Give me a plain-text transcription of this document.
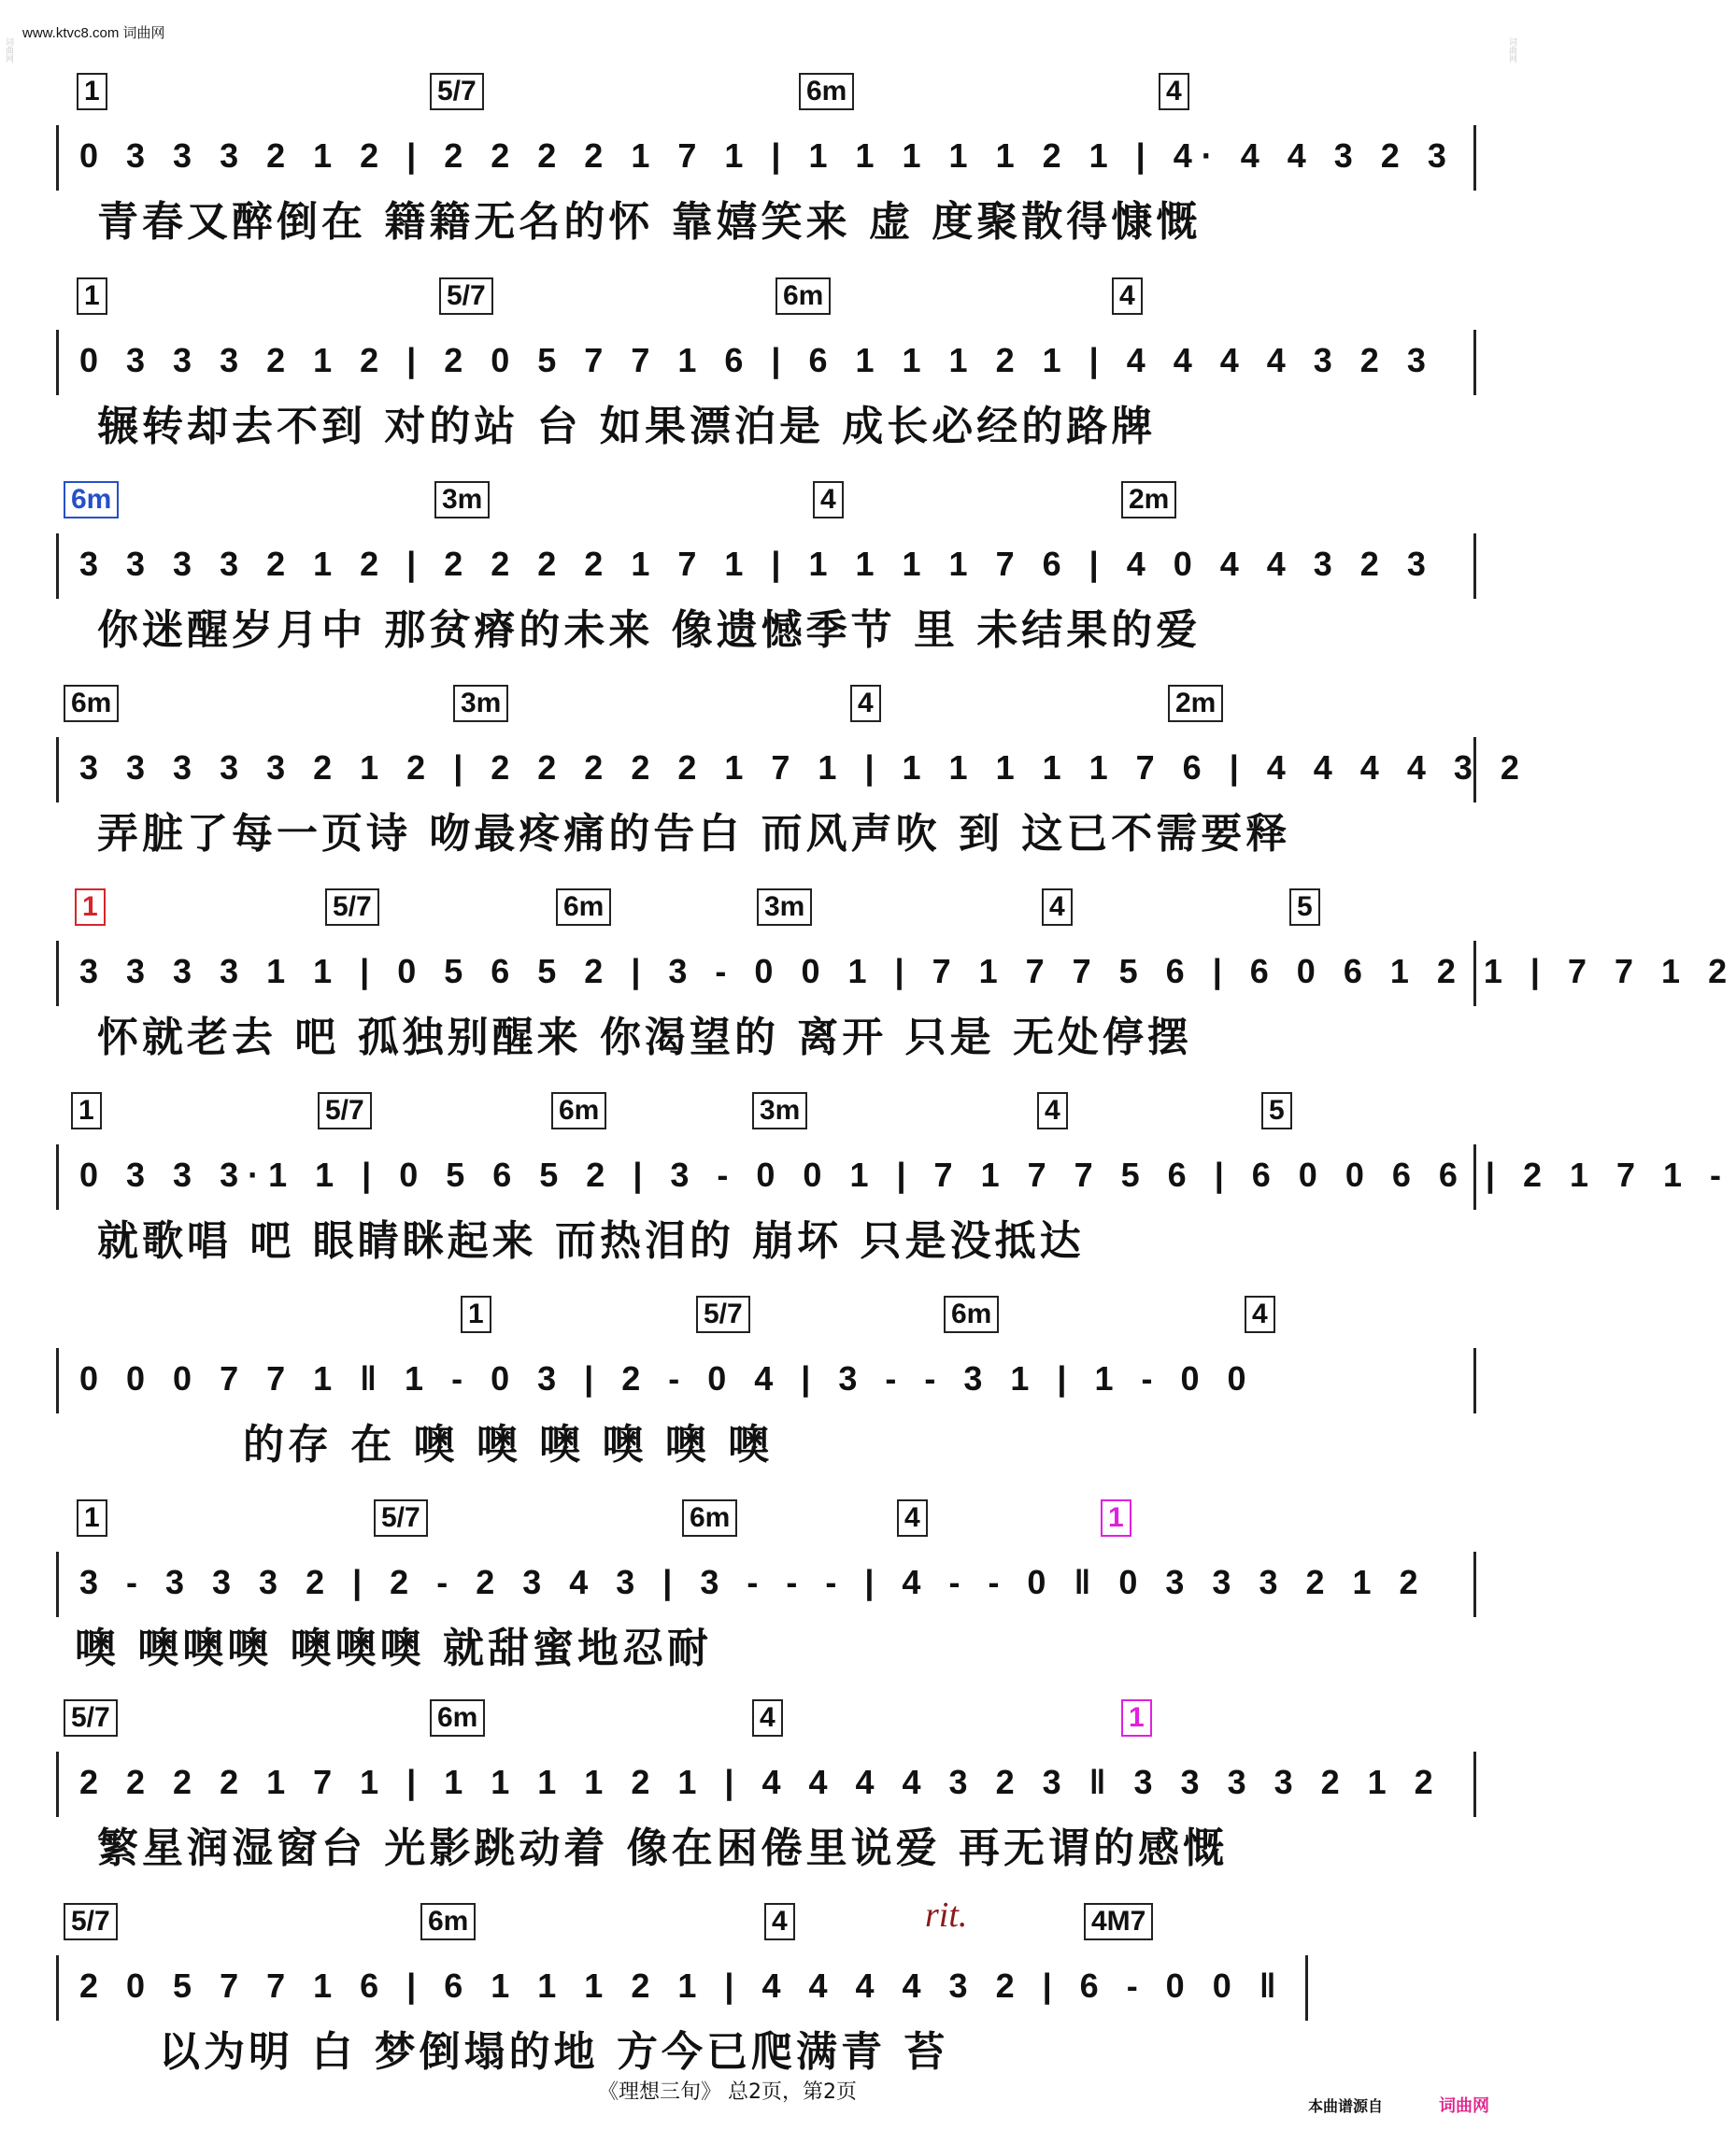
www.ktvc8.com 词曲网
词曲网	词曲网
1	5/7	6m	4
0 3 3 3 2 1 2 | 2 2 2 2 1 7 1 | 1 1 1 1 1 2 1 | 4· 4 4 3 2 3
青春又醉倒在 籍籍无名的怀 靠嬉笑来 虚 度聚散得慷慨
1	5/7	6m	4
0 3 3 3 2 1 2 | 2 0 5 7 7 1 6 | 6 1 1 1 2 1 | 4 4 4 4 3 2 3
辗转却去不到 对的站 台 如果漂泊是 成长必经的路牌
6m	3m	4	2m
3 3 3 3 2 1 2 | 2 2 2 2 1 7 1 | 1 1 1 1 7 6 | 4 0 4 4 3 2 3
你迷醒岁月中 那贫瘠的未来 像遗憾季节 里 未结果的爱
6m	3m	4	2m
3 3 3 3 3 2 1 2 | 2 2 2 2 2 1 7 1 | 1 1 1 1 1 7 6 | 4 4 4 4 3 2
弄脏了每一页诗 吻最疼痛的告白 而风声吹 到 这已不需要释
1	5/7	6m	3m	4	5
3 3 3 3 1 1 | 0 5 6 5 2 | 3 - 0 0 1 | 7 1 7 7 5 6 | 6 0 6 1 2 1 | 7 7 1 2
怀就老去 吧 孤独别醒来 你渴望的 离开 只是 无处停摆
1	5/7	6m	3m	4	5
0 3 3 3·1 1 | 0 5 6 5 2 | 3 - 0 0 1 | 7 1 7 7 5 6 | 6 0 0 6 6 | 2 1 7 1 -
就歌唱 吧 眼睛眯起来 而热泪的 崩坏 只是没抵达
1	5/7	6m	4
0 0 0 7 7 1 ‖ 1 - 0 3 | 2 - 0 4 | 3 - - 3 1 | 1 - 0 0
的存 在 噢 噢 噢 噢 噢 噢
1	5/7	6m	4	1
3 - 3 3 3 2 | 2 - 2 3 4 3 | 3 - - - | 4 - - 0 ‖ 0 3 3 3 2 1 2
噢 噢噢噢 噢噢噢 就甜蜜地忍耐
5/7	6m	4	1
2 2 2 2 1 7 1 | 1 1 1 1 2 1 | 4 4 4 4 3 2 3 ‖ 3 3 3 3 2 1 2
繁星润湿窗台 光影跳动着 像在困倦里说爱 再无谓的感慨
5/7	6m	4	4M7
2 0 5 7 7 1 6 | 6 1 1 1 2 1 | 4 4 4 4 3 2 | 6 - 0 0 ‖
以为明 白 梦倒塌的地 方今已爬满青 苔
rit.
《理想三旬》 总2页，第2页
本曲谱源自	词曲网
